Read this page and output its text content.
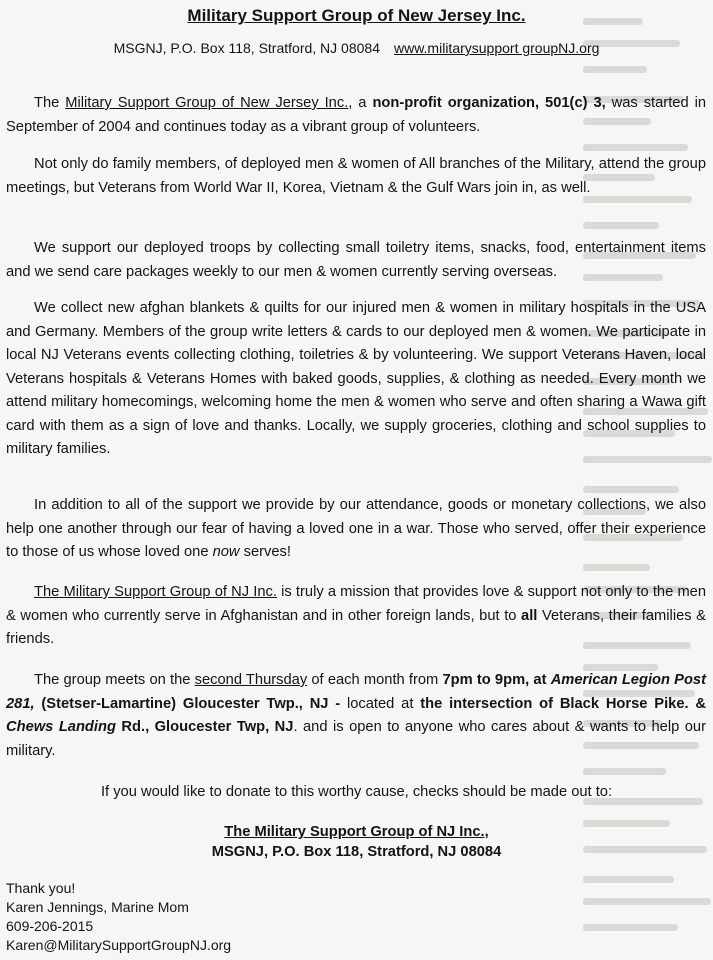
Military Support Group of New Jersey Inc.
MSGNJ, P.O. Box 118, Stratford, NJ 08084 www.militarysupport groupNJ.org

The Military Support Group of New Jersey Inc., a non-profit organization, 501(c) 3, was started in September of 2004 and continues today as a vibrant group of volunteers.

Not only do family members, of deployed men & women of All branches of the Military, attend the group meetings, but Veterans from World War II, Korea, Vietnam & the Gulf Wars join in, as well.

We support our deployed troops by collecting small toiletry items, snacks, food, entertainment items and we send care packages weekly to our men & women currently serving overseas.

We collect new afghan blankets & quilts for our injured men & women in military hospitals in the USA and Germany. Members of the group write letters & cards to our deployed men & women. We participate in local NJ Veterans events collecting clothing, toiletries & by volunteering. We support Veterans Haven, local Veterans hospitals & Veterans Homes with baked goods, supplies, & clothing as needed. Every month we attend military homecomings, welcoming home the men & women who serve and often sharing a Wawa gift card with them as a sign of love and thanks. Locally, we supply groceries, clothing and school supplies to military families.

In addition to all of the support we provide by our attendance, goods or monetary collections, we also help one another through our fear of having a loved one in a war. Those who served, offer their experience to those of us whose loved one now serves!

The Military Support Group of NJ Inc. is truly a mission that provides love & support not only to the men & women who currently serve in Afghanistan and in other foreign lands, but to all Veterans, their families & friends.

The group meets on the second Thursday of each month from 7pm to 9pm, at American Legion Post 281, (Stetser-Lamartine) Gloucester Twp., NJ - located at the intersection of Black Horse Pike. & Chews Landing Rd., Gloucester Twp, NJ. and is open to anyone who cares about & wants to help our military.

If you would like to donate to this worthy cause, checks should be made out to:
The Military Support Group of NJ Inc.,
MSGNJ, P.O. Box 118, Stratford, NJ 08084
Thank you!
Karen Jennings, Marine Mom
609-206-2015
Karen@MilitarySupportGroupNJ.org
